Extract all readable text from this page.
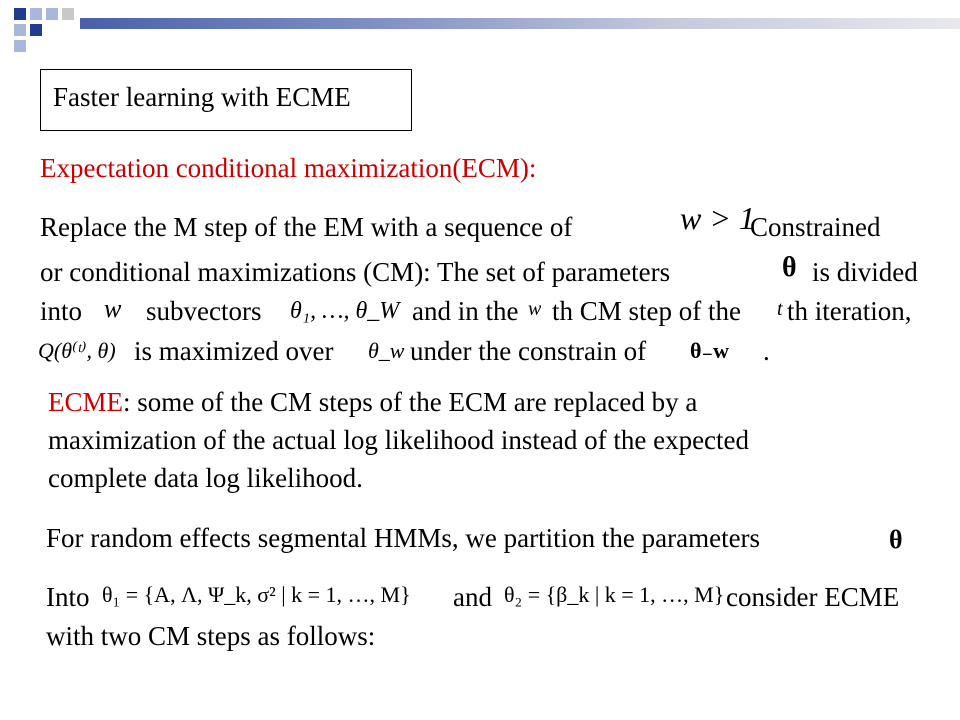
Faster learning with ECME
Expectation conditional maximization(ECM):
Replace the M step of the EM with a sequence of	w > 1
Constrained
or conditional maximizations (CM): The set of parameters	θ is divided
into w subvectors θ₁, …, θ_W and in the w th CM step of the t th iteration,
Q(θ⁽ᵗ⁾, θ) is maximized over θ_w under the constrain of θ₋w .
ECME: some of the CM steps of the ECM are replaced by a
maximization of the actual log likelihood instead of the expected
complete data log likelihood.
For random effects segmental HMMs, we partition the parameters	θ
Into θ₁ = {A, Λ, Ψ_k, σ² | k = 1, …, M} and θ₂ = {β_k | k = 1, …, M} consider ECME
with two CM steps as follows:
